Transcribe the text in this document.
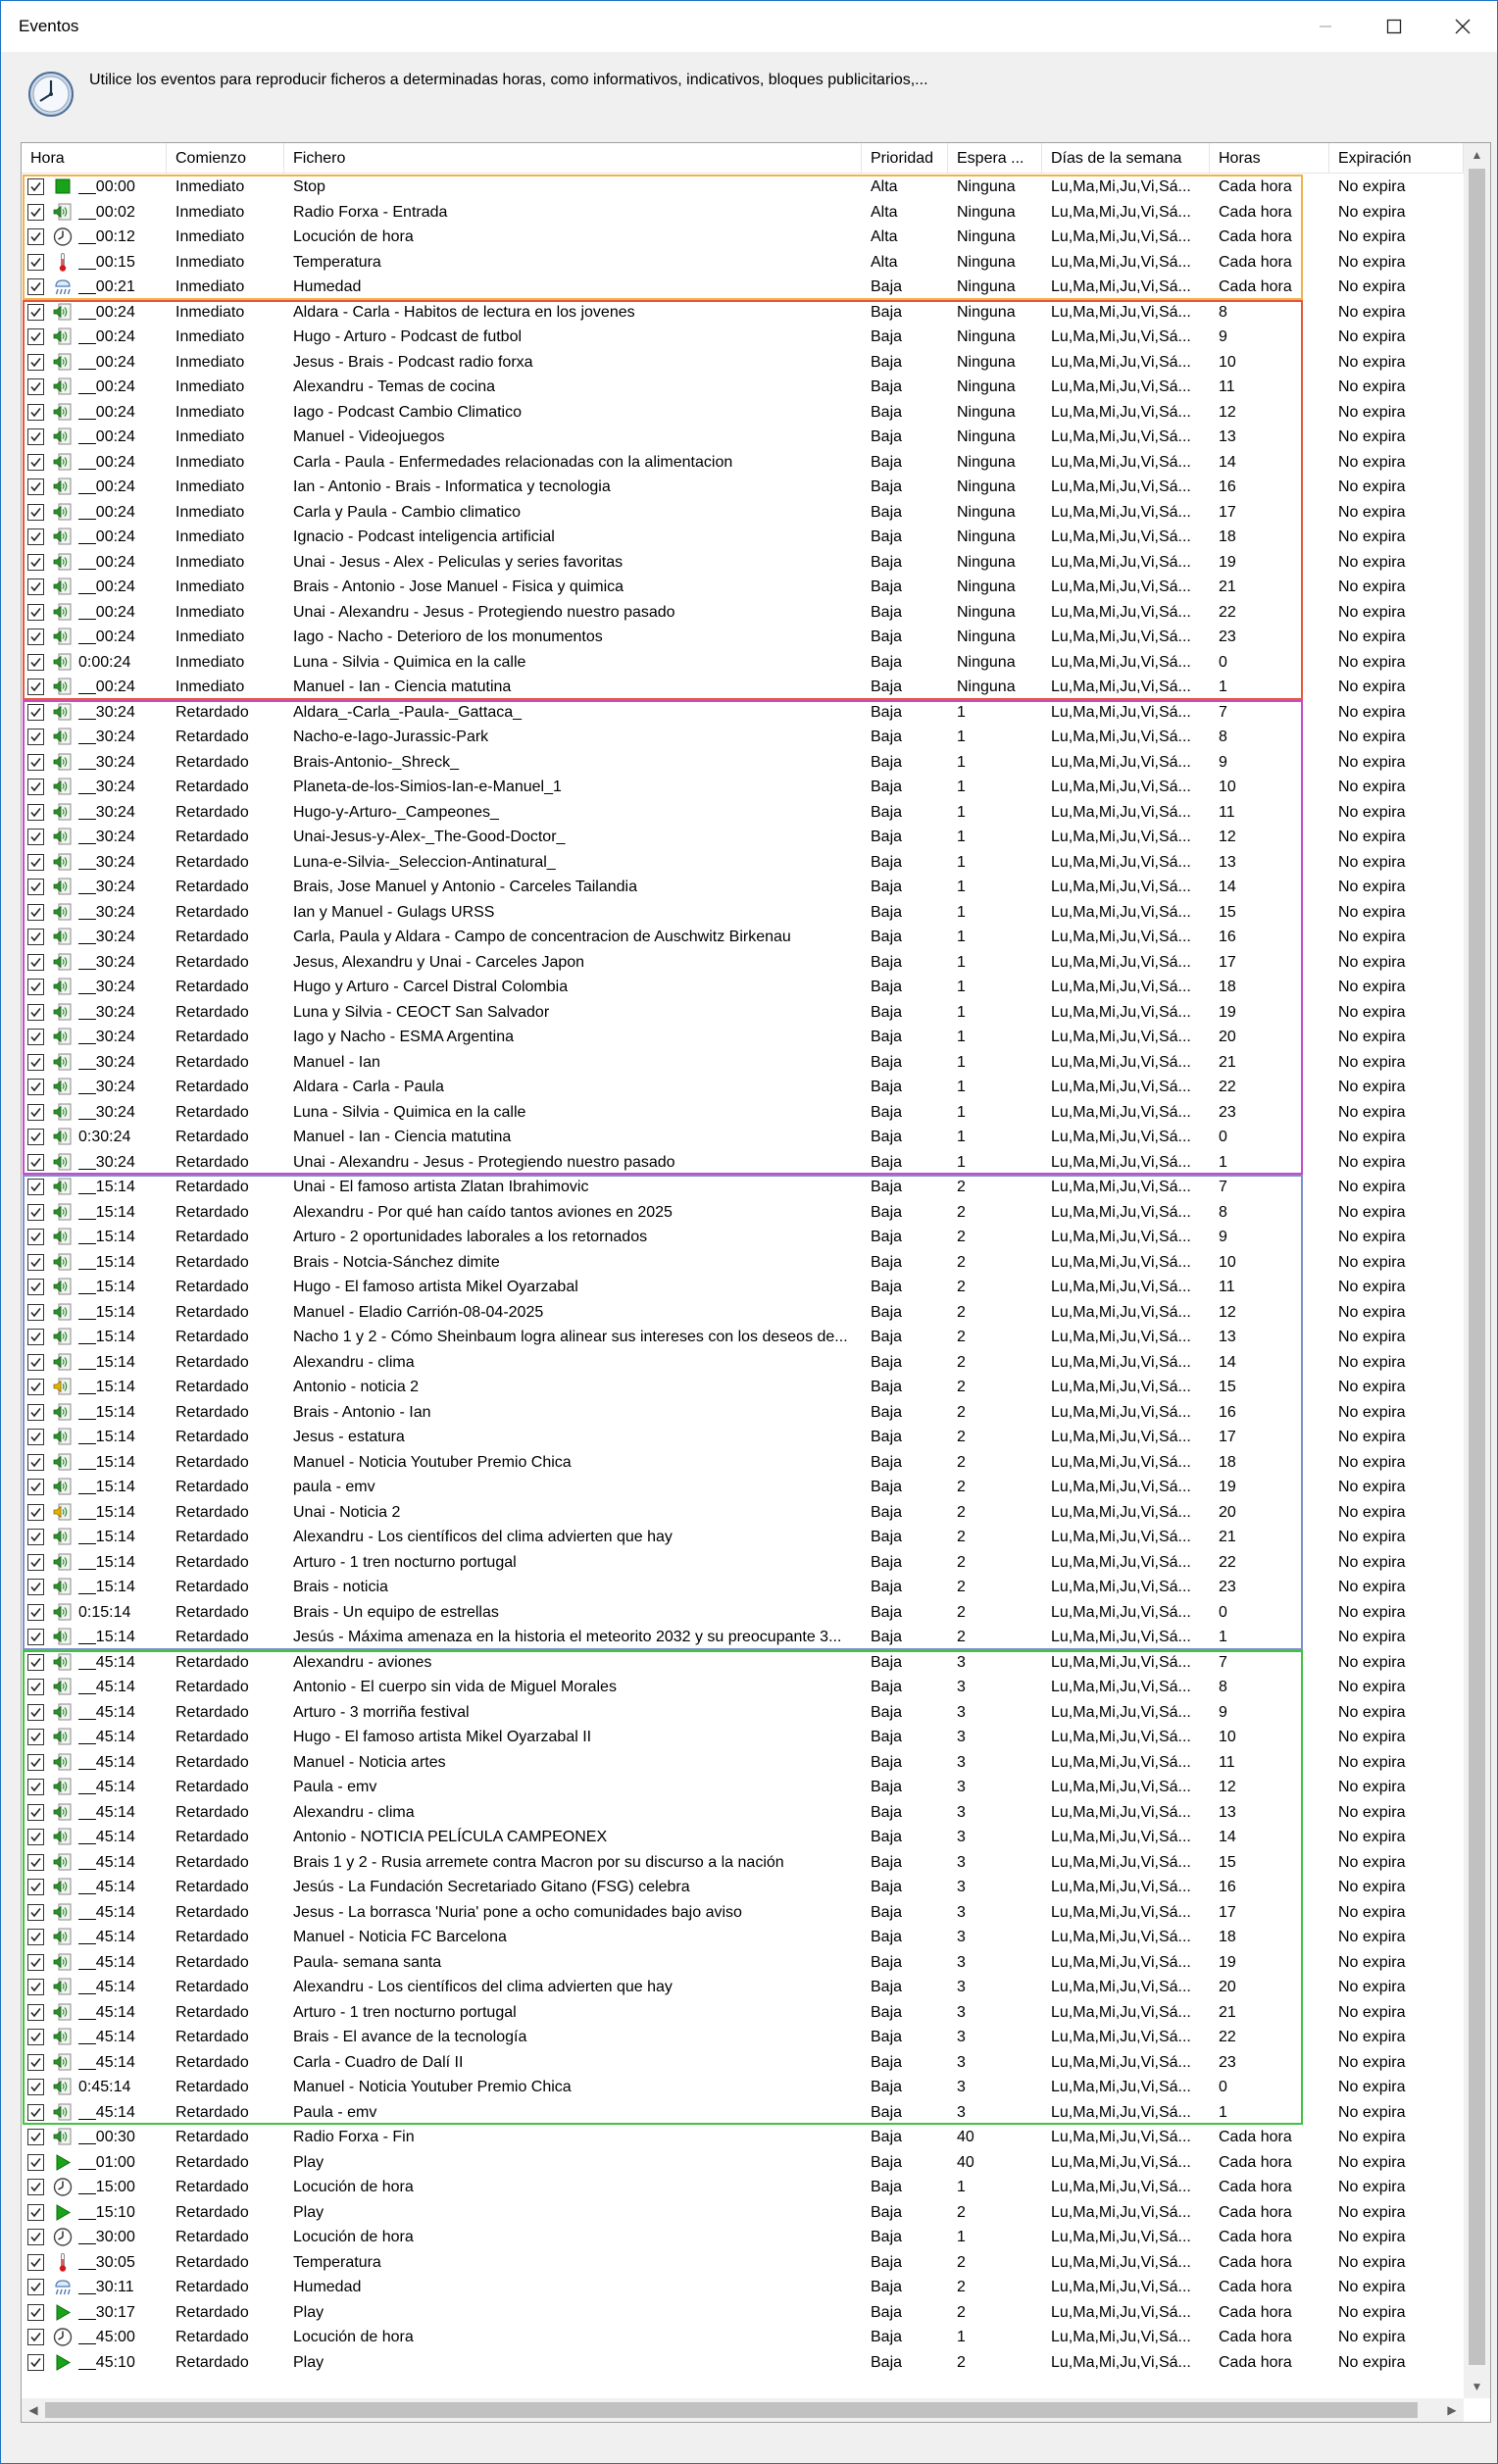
Eventos
Utilice los eventos para reproducir ficheros a determinadas horas, como informativos, indicativos, bloques publicitarios,...
Hora	Comienzo	Fichero	Prioridad	Espera ...	Días de la semana	Horas	Expiración
__00:00	Inmediato	Stop	Alta	Ninguna	Lu,Ma,Mi,Ju,Vi,Sá...	Cada hora	No expira
__00:02	Inmediato	Radio Forxa - Entrada	Alta	Ninguna	Lu,Ma,Mi,Ju,Vi,Sá...	Cada hora	No expira
__00:12	Inmediato	Locución de hora	Alta	Ninguna	Lu,Ma,Mi,Ju,Vi,Sá...	Cada hora	No expira
__00:15	Inmediato	Temperatura	Alta	Ninguna	Lu,Ma,Mi,Ju,Vi,Sá...	Cada hora	No expira
__00:21	Inmediato	Humedad	Baja	Ninguna	Lu,Ma,Mi,Ju,Vi,Sá...	Cada hora	No expira
__00:24	Inmediato	Aldara - Carla - Habitos de lectura en los jovenes	Baja	Ninguna	Lu,Ma,Mi,Ju,Vi,Sá...	8	No expira
__00:24	Inmediato	Hugo - Arturo - Podcast de futbol	Baja	Ninguna	Lu,Ma,Mi,Ju,Vi,Sá...	9	No expira
__00:24	Inmediato	Jesus - Brais - Podcast radio forxa	Baja	Ninguna	Lu,Ma,Mi,Ju,Vi,Sá...	10	No expira
__00:24	Inmediato	Alexandru - Temas de cocina	Baja	Ninguna	Lu,Ma,Mi,Ju,Vi,Sá...	11	No expira
__00:24	Inmediato	Iago - Podcast Cambio Climatico	Baja	Ninguna	Lu,Ma,Mi,Ju,Vi,Sá...	12	No expira
__00:24	Inmediato	Manuel - Videojuegos	Baja	Ninguna	Lu,Ma,Mi,Ju,Vi,Sá...	13	No expira
__00:24	Inmediato	Carla - Paula - Enfermedades relacionadas con la alimentacion	Baja	Ninguna	Lu,Ma,Mi,Ju,Vi,Sá...	14	No expira
__00:24	Inmediato	Ian - Antonio - Brais - Informatica y tecnologia	Baja	Ninguna	Lu,Ma,Mi,Ju,Vi,Sá...	16	No expira
__00:24	Inmediato	Carla y Paula - Cambio climatico	Baja	Ninguna	Lu,Ma,Mi,Ju,Vi,Sá...	17	No expira
__00:24	Inmediato	Ignacio - Podcast inteligencia artificial	Baja	Ninguna	Lu,Ma,Mi,Ju,Vi,Sá...	18	No expira
__00:24	Inmediato	Unai - Jesus - Alex - Peliculas y series favoritas	Baja	Ninguna	Lu,Ma,Mi,Ju,Vi,Sá...	19	No expira
__00:24	Inmediato	Brais - Antonio - Jose Manuel - Fisica y quimica	Baja	Ninguna	Lu,Ma,Mi,Ju,Vi,Sá...	21	No expira
__00:24	Inmediato	Unai - Alexandru - Jesus - Protegiendo nuestro pasado	Baja	Ninguna	Lu,Ma,Mi,Ju,Vi,Sá...	22	No expira
__00:24	Inmediato	Iago - Nacho - Deterioro de los monumentos	Baja	Ninguna	Lu,Ma,Mi,Ju,Vi,Sá...	23	No expira
0:00:24	Inmediato	Luna - Silvia - Quimica en la calle	Baja	Ninguna	Lu,Ma,Mi,Ju,Vi,Sá...	0	No expira
__00:24	Inmediato	Manuel - Ian - Ciencia matutina	Baja	Ninguna	Lu,Ma,Mi,Ju,Vi,Sá...	1	No expira
__30:24	Retardado	Aldara_-Carla_-Paula-_Gattaca_	Baja	1	Lu,Ma,Mi,Ju,Vi,Sá...	7	No expira
__30:24	Retardado	Nacho-e-Iago-Jurassic-Park	Baja	1	Lu,Ma,Mi,Ju,Vi,Sá...	8	No expira
__30:24	Retardado	Brais-Antonio-_Shreck_	Baja	1	Lu,Ma,Mi,Ju,Vi,Sá...	9	No expira
__30:24	Retardado	Planeta-de-los-Simios-Ian-e-Manuel_1	Baja	1	Lu,Ma,Mi,Ju,Vi,Sá...	10	No expira
__30:24	Retardado	Hugo-y-Arturo-_Campeones_	Baja	1	Lu,Ma,Mi,Ju,Vi,Sá...	11	No expira
__30:24	Retardado	Unai-Jesus-y-Alex-_The-Good-Doctor_	Baja	1	Lu,Ma,Mi,Ju,Vi,Sá...	12	No expira
__30:24	Retardado	Luna-e-Silvia-_Seleccion-Antinatural_	Baja	1	Lu,Ma,Mi,Ju,Vi,Sá...	13	No expira
__30:24	Retardado	Brais, Jose Manuel y Antonio - Carceles Tailandia	Baja	1	Lu,Ma,Mi,Ju,Vi,Sá...	14	No expira
__30:24	Retardado	Ian y Manuel - Gulags URSS	Baja	1	Lu,Ma,Mi,Ju,Vi,Sá...	15	No expira
__30:24	Retardado	Carla, Paula y Aldara - Campo de concentracion de Auschwitz Birkenau	Baja	1	Lu,Ma,Mi,Ju,Vi,Sá...	16	No expira
__30:24	Retardado	Jesus, Alexandru y Unai - Carceles Japon	Baja	1	Lu,Ma,Mi,Ju,Vi,Sá...	17	No expira
__30:24	Retardado	Hugo y Arturo - Carcel Distral Colombia	Baja	1	Lu,Ma,Mi,Ju,Vi,Sá...	18	No expira
__30:24	Retardado	Luna y Silvia - CEOCT San Salvador	Baja	1	Lu,Ma,Mi,Ju,Vi,Sá...	19	No expira
__30:24	Retardado	Iago y Nacho - ESMA Argentina	Baja	1	Lu,Ma,Mi,Ju,Vi,Sá...	20	No expira
__30:24	Retardado	Manuel - Ian	Baja	1	Lu,Ma,Mi,Ju,Vi,Sá...	21	No expira
__30:24	Retardado	Aldara - Carla - Paula	Baja	1	Lu,Ma,Mi,Ju,Vi,Sá...	22	No expira
__30:24	Retardado	Luna - Silvia - Quimica en la calle	Baja	1	Lu,Ma,Mi,Ju,Vi,Sá...	23	No expira
0:30:24	Retardado	Manuel - Ian - Ciencia matutina	Baja	1	Lu,Ma,Mi,Ju,Vi,Sá...	0	No expira
__30:24	Retardado	Unai - Alexandru - Jesus - Protegiendo nuestro pasado	Baja	1	Lu,Ma,Mi,Ju,Vi,Sá...	1	No expira
__15:14	Retardado	Unai - El famoso artista Zlatan Ibrahimovic	Baja	2	Lu,Ma,Mi,Ju,Vi,Sá...	7	No expira
__15:14	Retardado	Alexandru - Por qué han caído tantos aviones en 2025	Baja	2	Lu,Ma,Mi,Ju,Vi,Sá...	8	No expira
__15:14	Retardado	Arturo - 2 oportunidades laborales a los retornados	Baja	2	Lu,Ma,Mi,Ju,Vi,Sá...	9	No expira
__15:14	Retardado	Brais - Notcia-Sánchez dimite	Baja	2	Lu,Ma,Mi,Ju,Vi,Sá...	10	No expira
__15:14	Retardado	Hugo - El famoso artista Mikel Oyarzabal	Baja	2	Lu,Ma,Mi,Ju,Vi,Sá...	11	No expira
__15:14	Retardado	Manuel - Eladio Carrión-08-04-2025	Baja	2	Lu,Ma,Mi,Ju,Vi,Sá...	12	No expira
__15:14	Retardado	Nacho 1 y 2 - Cómo Sheinbaum logra alinear sus intereses con los deseos de...	Baja	2	Lu,Ma,Mi,Ju,Vi,Sá...	13	No expira
__15:14	Retardado	Alexandru - clima	Baja	2	Lu,Ma,Mi,Ju,Vi,Sá...	14	No expira
__15:14	Retardado	Antonio - noticia 2	Baja	2	Lu,Ma,Mi,Ju,Vi,Sá...	15	No expira
__15:14	Retardado	Brais - Antonio - Ian	Baja	2	Lu,Ma,Mi,Ju,Vi,Sá...	16	No expira
__15:14	Retardado	Jesus - estatura	Baja	2	Lu,Ma,Mi,Ju,Vi,Sá...	17	No expira
__15:14	Retardado	Manuel - Noticia Youtuber Premio Chica	Baja	2	Lu,Ma,Mi,Ju,Vi,Sá...	18	No expira
__15:14	Retardado	paula - emv	Baja	2	Lu,Ma,Mi,Ju,Vi,Sá...	19	No expira
__15:14	Retardado	Unai - Noticia 2	Baja	2	Lu,Ma,Mi,Ju,Vi,Sá...	20	No expira
__15:14	Retardado	Alexandru - Los científicos del clima advierten que hay	Baja	2	Lu,Ma,Mi,Ju,Vi,Sá...	21	No expira
__15:14	Retardado	Arturo - 1 tren nocturno portugal	Baja	2	Lu,Ma,Mi,Ju,Vi,Sá...	22	No expira
__15:14	Retardado	Brais - noticia	Baja	2	Lu,Ma,Mi,Ju,Vi,Sá...	23	No expira
0:15:14	Retardado	Brais - Un equipo de estrellas	Baja	2	Lu,Ma,Mi,Ju,Vi,Sá...	0	No expira
__15:14	Retardado	Jesús - Máxima amenaza en la historia el meteorito 2032 y su preocupante 3...	Baja	2	Lu,Ma,Mi,Ju,Vi,Sá...	1	No expira
__45:14	Retardado	Alexandru - aviones	Baja	3	Lu,Ma,Mi,Ju,Vi,Sá...	7	No expira
__45:14	Retardado	Antonio - El cuerpo sin vida de Miguel Morales	Baja	3	Lu,Ma,Mi,Ju,Vi,Sá...	8	No expira
__45:14	Retardado	Arturo - 3 morriña festival	Baja	3	Lu,Ma,Mi,Ju,Vi,Sá...	9	No expira
__45:14	Retardado	Hugo - El famoso artista Mikel Oyarzabal II	Baja	3	Lu,Ma,Mi,Ju,Vi,Sá...	10	No expira
__45:14	Retardado	Manuel - Noticia artes	Baja	3	Lu,Ma,Mi,Ju,Vi,Sá...	11	No expira
__45:14	Retardado	Paula - emv	Baja	3	Lu,Ma,Mi,Ju,Vi,Sá...	12	No expira
__45:14	Retardado	Alexandru - clima	Baja	3	Lu,Ma,Mi,Ju,Vi,Sá...	13	No expira
__45:14	Retardado	Antonio - NOTICIA PELÍCULA CAMPEONEX	Baja	3	Lu,Ma,Mi,Ju,Vi,Sá...	14	No expira
__45:14	Retardado	Brais 1 y 2 - Rusia arremete contra Macron por su discurso a la nación	Baja	3	Lu,Ma,Mi,Ju,Vi,Sá...	15	No expira
__45:14	Retardado	Jesús - La Fundación Secretariado Gitano (FSG) celebra	Baja	3	Lu,Ma,Mi,Ju,Vi,Sá...	16	No expira
__45:14	Retardado	Jesus - La borrasca 'Nuria' pone a ocho comunidades bajo aviso	Baja	3	Lu,Ma,Mi,Ju,Vi,Sá...	17	No expira
__45:14	Retardado	Manuel - Noticia FC Barcelona	Baja	3	Lu,Ma,Mi,Ju,Vi,Sá...	18	No expira
__45:14	Retardado	Paula- semana santa	Baja	3	Lu,Ma,Mi,Ju,Vi,Sá...	19	No expira
__45:14	Retardado	Alexandru - Los científicos del clima advierten que hay	Baja	3	Lu,Ma,Mi,Ju,Vi,Sá...	20	No expira
__45:14	Retardado	Arturo - 1 tren nocturno portugal	Baja	3	Lu,Ma,Mi,Ju,Vi,Sá...	21	No expira
__45:14	Retardado	Brais - El avance de la tecnología	Baja	3	Lu,Ma,Mi,Ju,Vi,Sá...	22	No expira
__45:14	Retardado	Carla - Cuadro de Dalí II	Baja	3	Lu,Ma,Mi,Ju,Vi,Sá...	23	No expira
0:45:14	Retardado	Manuel - Noticia Youtuber Premio Chica	Baja	3	Lu,Ma,Mi,Ju,Vi,Sá...	0	No expira
__45:14	Retardado	Paula - emv	Baja	3	Lu,Ma,Mi,Ju,Vi,Sá...	1	No expira
__00:30	Retardado	Radio Forxa - Fin	Baja	40	Lu,Ma,Mi,Ju,Vi,Sá...	Cada hora	No expira
__01:00	Retardado	Play	Baja	40	Lu,Ma,Mi,Ju,Vi,Sá...	Cada hora	No expira
__15:00	Retardado	Locución de hora	Baja	1	Lu,Ma,Mi,Ju,Vi,Sá...	Cada hora	No expira
__15:10	Retardado	Play	Baja	2	Lu,Ma,Mi,Ju,Vi,Sá...	Cada hora	No expira
__30:00	Retardado	Locución de hora	Baja	1	Lu,Ma,Mi,Ju,Vi,Sá...	Cada hora	No expira
__30:05	Retardado	Temperatura	Baja	2	Lu,Ma,Mi,Ju,Vi,Sá...	Cada hora	No expira
__30:11	Retardado	Humedad	Baja	2	Lu,Ma,Mi,Ju,Vi,Sá...	Cada hora	No expira
__30:17	Retardado	Play	Baja	2	Lu,Ma,Mi,Ju,Vi,Sá...	Cada hora	No expira
__45:00	Retardado	Locución de hora	Baja	1	Lu,Ma,Mi,Ju,Vi,Sá...	Cada hora	No expira
__45:10	Retardado	Play	Baja	2	Lu,Ma,Mi,Ju,Vi,Sá...	Cada hora	No expira
▲
▼
◀	▶
